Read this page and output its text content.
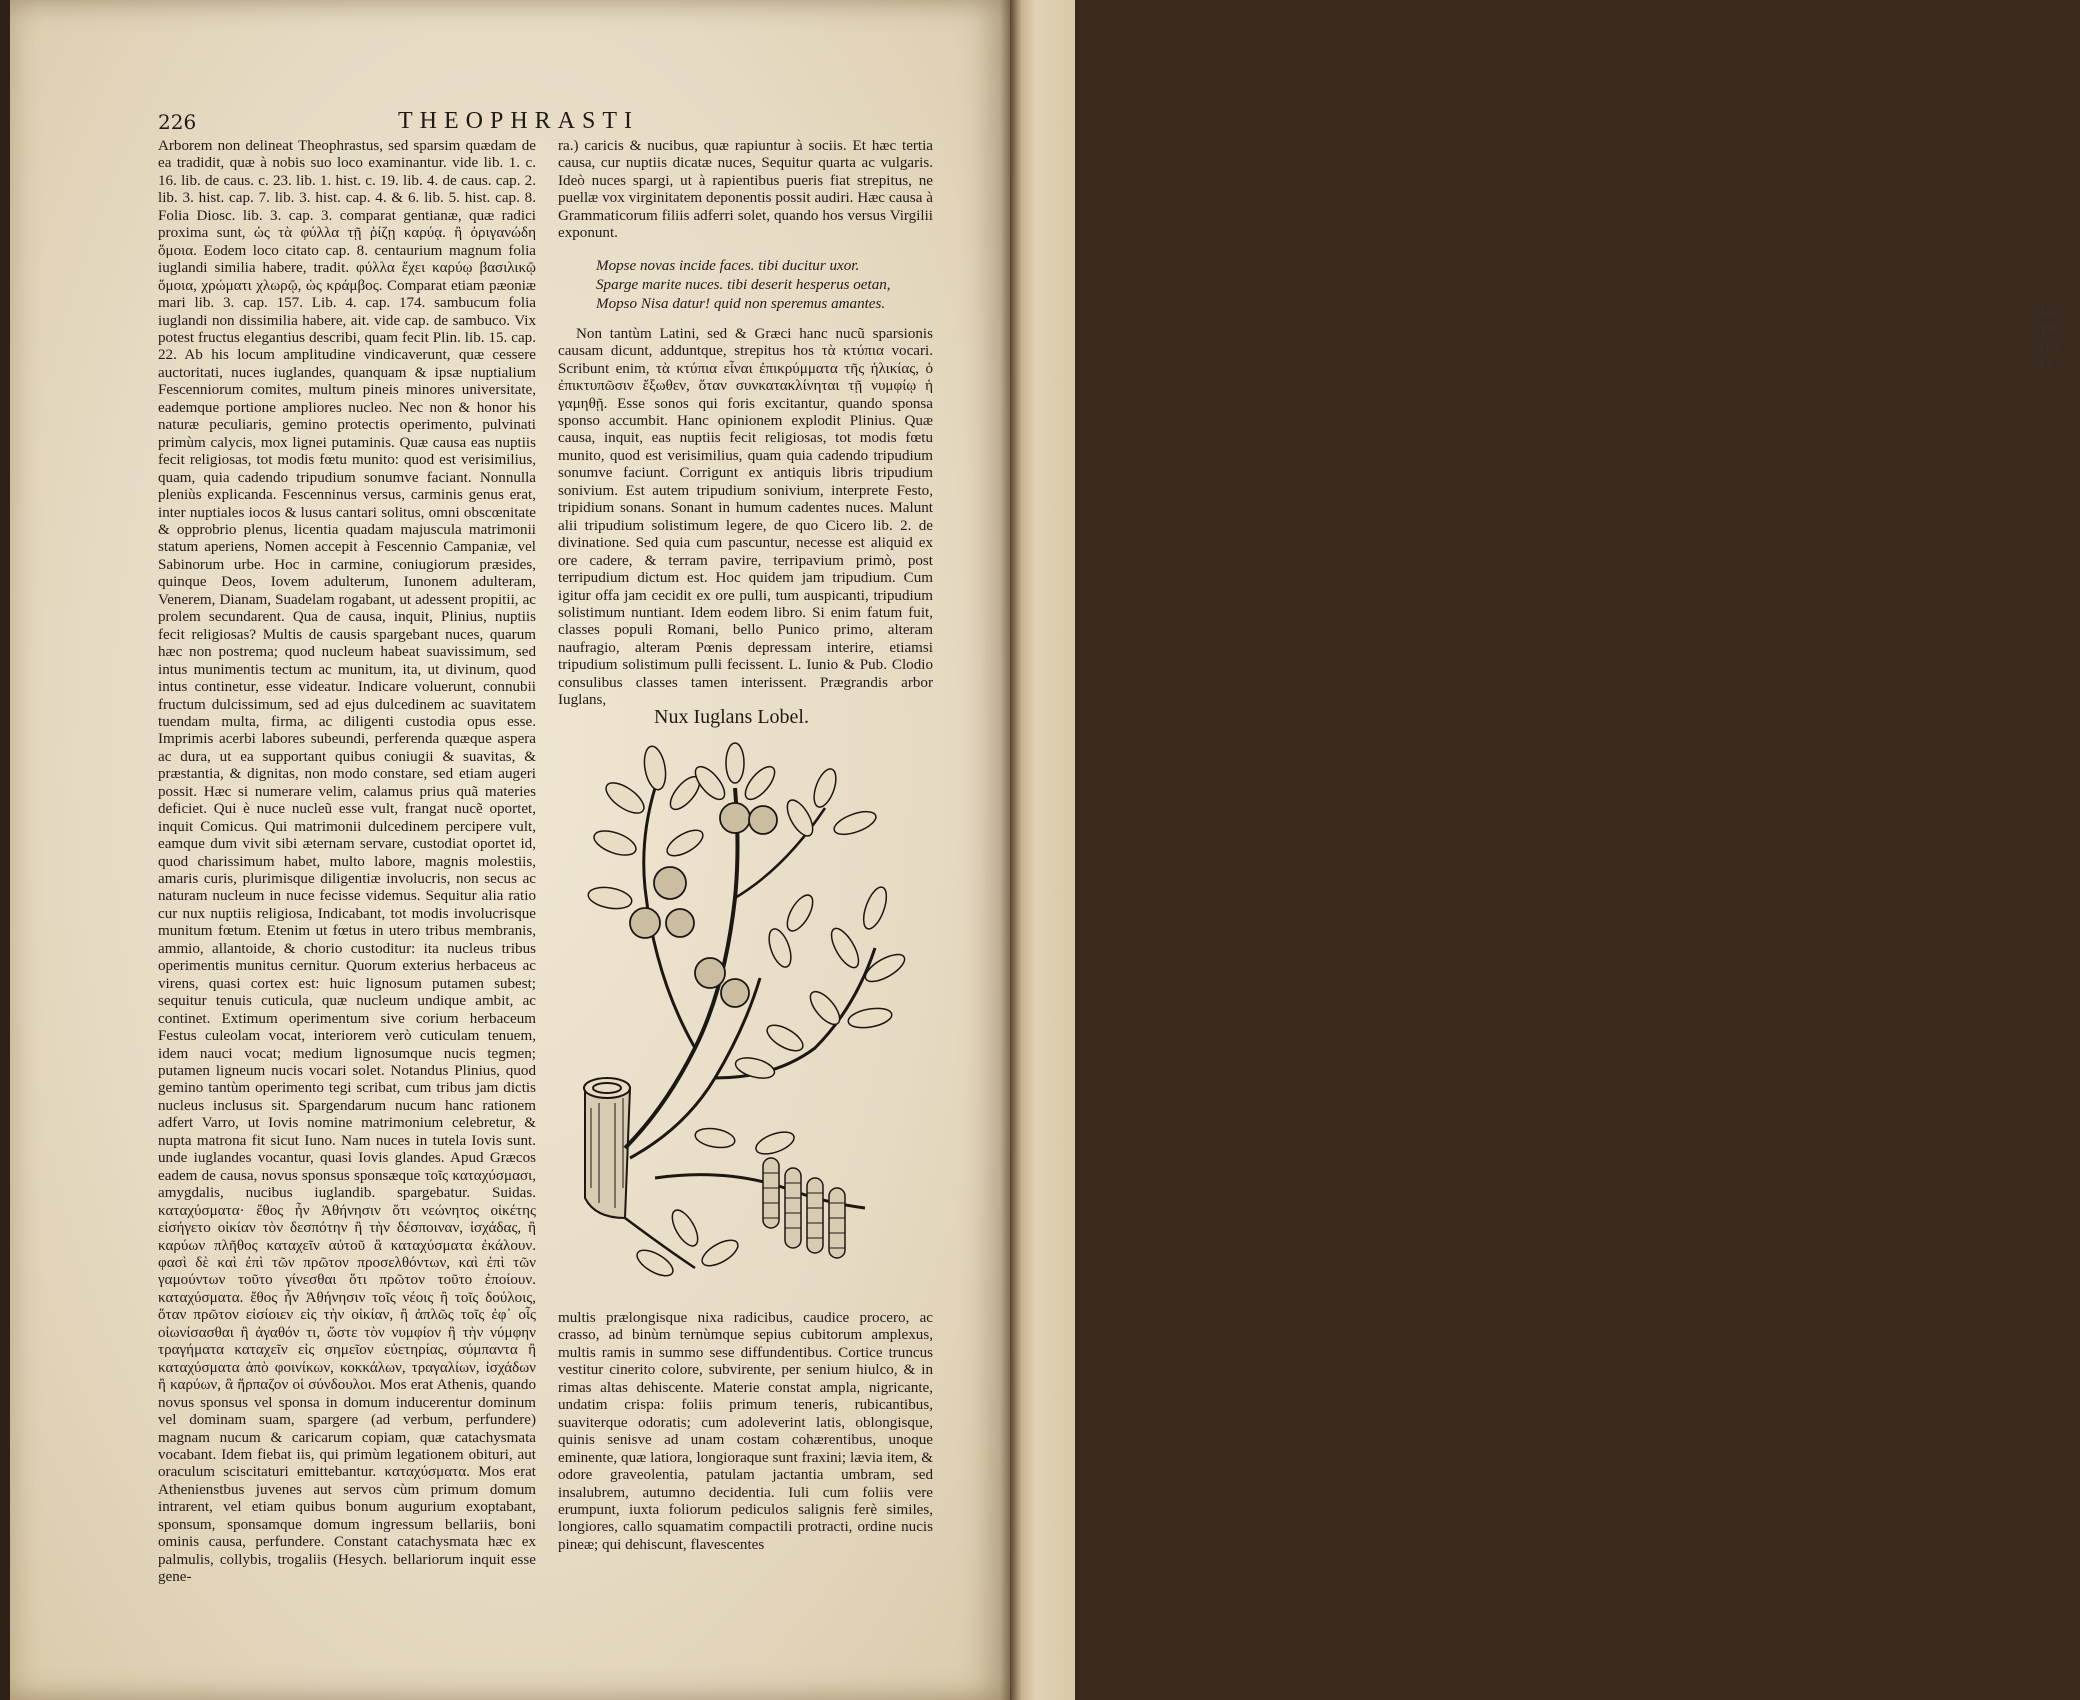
226	THEOPHRASTI

Arborem non delineat Theophrastus, sed sparsim quædam de ea tradidit, quæ à nobis suo loco examinantur. vide lib. 1. c. 16. lib. de caus. c. 23. lib. 1. hist. c. 19. lib. 4. de caus. cap. 2. lib. 3. hist. cap. 7. lib. 3. hist. cap. 4. & 6. lib. 5. hist. cap. 8. Folia Diosc. lib. 3. cap. 3. comparat gentianæ, quæ radici proxima sunt, ὡς τὰ φύλλα τῇ ῥίζῃ καρύᾳ. ἢ ὀριγανώδη ὅμοια. Eodem loco citato cap. 8. centaurium magnum folia iuglandi similia habere, tradit. φύλλα ἔχει καρύῳ βασιλικῷ ὅμοια, χρώματι χλωρῷ, ὡς κράμβος. Comparat etiam pæoniæ mari lib. 3. cap. 157. Lib. 4. cap. 174. sambucum folia iuglandi non dissimilia habere, ait. vide cap. de sambuco. Vix potest fructus elegantius describi, quam fecit Plin. lib. 15. cap. 22. Ab his locum amplitudine vindicaverunt, quæ cessere auctoritati, nuces iuglandes, quanquam & ipsæ nuptialium Fescenniorum comites, multum pineis minores universitate, eademque portione ampliores nucleo. Nec non & honor his naturæ peculiaris, gemino protectis operimento, pulvinati primùm calycis, mox lignei putaminis. Quæ causa eas nuptiis fecit religiosas, tot modis fœtu munito: quod est verisimilius, quam, quia cadendo tripudium sonumve faciant. Nonnulla pleniùs explicanda. Fescenninus versus, carminis genus erat, inter nuptiales iocos & lusus cantari solitus, omni obscœnitate & opprobrio plenus, licentia quadam majuscula matrimonii statum aperiens, Nomen accepit à Fescennio Campaniæ, vel Sabinorum urbe. Hoc in carmine, coniugiorum præsides, quinque Deos, Iovem adulterum, Iunonem adulteram, Venerem, Dianam, Suadelam rogabant, ut adessent propitii, ac prolem secundarent. Qua de causa, inquit, Plinius, nuptiis fecit religiosas? Multis de causis spargebant nuces, quarum hæc non postrema; quod nucleum habeat suavissimum, sed intus munimentis tectum ac munitum, ita, ut divinum, quod intus continetur, esse videatur. Indicare voluerunt, connubii fructum dulcissimum, sed ad ejus dulcedinem ac suavitatem tuendam multa, firma, ac diligenti custodia opus esse. Imprimis acerbi labores subeundi, perferenda quæque aspera ac dura, ut ea supportant quibus coniugii & suavitas, & præstantia, & dignitas, non modo constare, sed etiam augeri possit. Hæc si numerare velim, calamus prius quã materies deficiet. Qui è nuce nucleũ esse vult, frangat nucẽ oportet, inquit Comicus. Qui matrimonii dulcedinem percipere vult, eamque dum vivit sibi æternam servare, custodiat oportet id, quod charissimum habet, multo labore, magnis molestiis, amaris curis, plurimisque diligentiæ involucris, non secus ac naturam nucleum in nuce fecisse videmus. Sequitur alia ratio cur nux nuptiis religiosa, Indicabant, tot modis involucrisque munitum fœtum. Etenim ut fœtus in utero tribus membranis, ammio, allantoide, & chorio custoditur: ita nucleus tribus operimentis munitus cernitur. Quorum exterius herbaceus ac virens, quasi cortex est: huic lignosum putamen subest; sequitur tenuis cuticula, quæ nucleum undique ambit, ac continet. Extimum operimentum sive corium herbaceum Festus culeolam vocat, interiorem verò cuticulam tenuem, idem nauci vocat; medium lignosumque nucis tegmen; putamen ligneum nucis vocari solet. Notandus Plinius, quod gemino tantùm operimento tegi scribat, cum tribus jam dictis nucleus inclusus sit. Spargendarum nucum hanc rationem adfert Varro, ut Iovis nomine matrimonium celebretur, & nupta matrona fit sicut Iuno. Nam nuces in tutela Iovis sunt. unde iuglandes vocantur, quasi Iovis glandes. Apud Græcos eadem de causa, novus sponsus sponsæque τοῖς καταχύσμασι, amygdalis, nucibus iuglandib. spargebatur. Suidas. καταχύσματα· ἔθος ἦν Ἀθήνησιν ὅτι νεώνητος οἰκέτης εἰσήγετο οἰκίαν τὸν δεσπότην ἢ τὴν δέσποιναν, ἰσχάδας, ἢ καρύων πλῆθος καταχεῖν αὐτοῦ ἃ καταχύσματα ἐκάλουν. φασὶ δὲ καὶ ἐπὶ τῶν πρῶτον προσελθόντων, καὶ ἐπὶ τῶν γαμούντων τοῦτο γίνεσθαι ὅτι πρῶτον τοῦτο ἐποίουν. καταχύσματα. ἔθος ἦν Ἀθήνησιν τοῖς νέοις ἢ τοῖς δούλοις, ὅταν πρῶτον εἰσίοιεν εἰς τὴν οἰκίαν, ἢ ἀπλῶς τοῖς ἐφ᾽ οἷς οἰωνίσασθαι ἢ ἀγαθόν τι, ὥστε τὸν νυμφίον ἢ τὴν νύμφην τραγήματα καταχεῖν εἰς σημεῖον εὐετηρίας, σύμπαντα ἢ καταχύσματα ἀπὸ φοινίκων, κοκκάλων, τραγαλίων, ἰσχάδων ἢ καρύων, ἃ ἥρπαζον οἱ σύνδουλοι. Mos erat Athenis, quando novus sponsus vel sponsa in domum inducerentur dominum vel dominam suam, spargere (ad verbum, perfundere) magnam nucum & caricarum copiam, quæ catachysmata vocabant. Idem fiebat iis, qui primùm legationem obituri, aut oraculum sciscitaturi emittebantur. καταχύσματα. Mos erat Athenienstbus juvenes aut servos cùm primum domum intrarent, vel etiam quibus bonum augurium exoptabant, sponsum, sponsamque domum ingressum bellariis, boni ominis causa, perfundere. Constant catachysmata hæc ex palmulis, collybis, trogaliis (Hesych. bellariorum inquit esse gene-

ra.) caricis & nucibus, quæ rapiuntur à sociis. Et hæc tertia causa, cur nuptiis dicatæ nuces, Sequitur quarta ac vulgaris. Ideò nuces spargi, ut à rapientibus pueris fiat strepitus, ne puellæ vox virginitatem deponentis possit audiri. Hæc causa à Grammaticorum filiis adferri solet, quando hos versus Virgilii exponunt.

Mopse novas incide faces. tibi ducitur uxor.
Sparge marite nuces. tibi deserit hesperus oetan,
Mopso Nisa datur! quid non speremus amantes.

Non tantùm Latini, sed & Græci hanc nucũ sparsionis causam dicunt, adduntque, strepitus hos τὰ κτύπια vocari. Scribunt enim, τὰ κτύπια εἶναι ἐπικρύμματα τῆς ἡλικίας, ὁ ἐπικτυπῶσιν ἔξωθεν, ὅταν συνκατακλίνηται τῇ νυμφίῳ ἡ γαμηθῇ. Esse sonos qui foris excitantur, quando sponsa sponso accumbit. Hanc opinionem explodit Plinius. Quæ causa, inquit, eas nuptiis fecit religiosas, tot modis fœtu munito, quod est verisimilius, quam quia cadendo tripudium sonumve faciunt. Corrigunt ex antiquis libris tripudium sonivium. Est autem tripudium sonivium, interprete Festo, tripidium sonans. Sonant in humum cadentes nuces. Malunt alii tripudium solistimum legere, de quo Cicero lib. 2. de divinatione. Sed quia cum pascuntur, necesse est aliquid ex ore cadere, & terram pavire, terripavium primò, post terripudium dictum est. Hoc quidem jam tripudium. Cum igitur offa jam cecidit ex ore pulli, tum auspicanti, tripudium solistimum nuntiant. Idem eodem libro. Si enim fatum fuit, classes populi Romani, bello Punico primo, alteram naufragio, alteram Pœnis depressam interire, etiamsi tripudium solistimum pulli fecissent. L. Iunio & Pub. Clodio consulibus classes tamen interissent. Prægrandis arbor Iuglans,

Nux Iuglans Lobel.

multis prælongisque nixa radicibus, caudice procero, ac crasso, ad binùm ternùmque sepius cubitorum amplexus, multis ramis in summo sese diffundentibus. Cortice truncus vestitur cinerito colore, subvirente, per senium hiulco, & in rimas altas dehiscente. Materie constat ampla, nigricante, undatim crispa: foliis primum teneris, rubicantibus, suaviterque odoratis; cum adoleverint latis, oblongisque, quinis senisve ad unam costam cohærentibus, unoque eminente, quæ latiora, longioraque sunt fraxini; lævia item, & odore graveolentia, patulam jactantia umbram, sed insalubrem, autumno decidentia. Iuli cum foliis vere erumpunt, iuxta foliorum pediculos salignis ferè similes, longiores, callo squamatim compactili protracti, ordine nucis pineæ; qui dehiscunt, flavescentes

in
pe
ge
G
